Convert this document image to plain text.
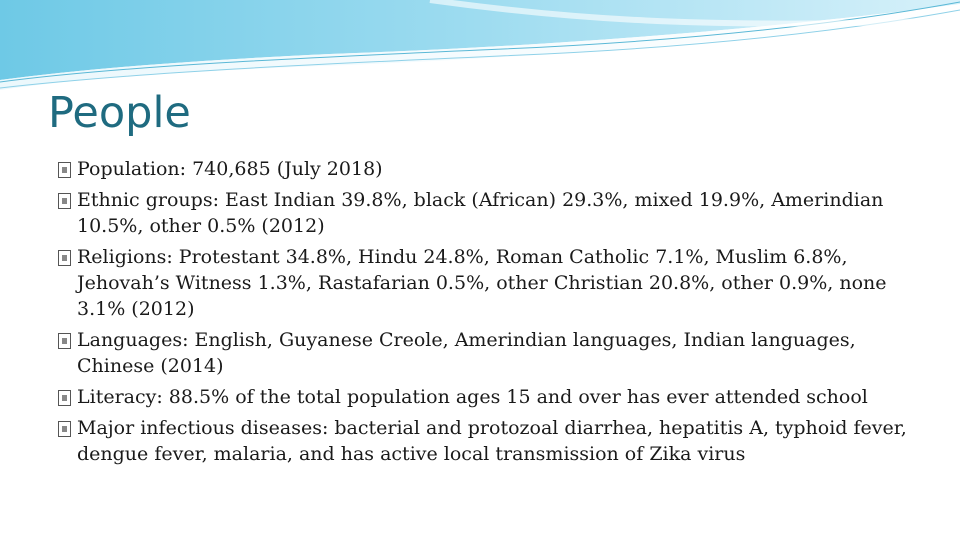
People
Population: 740,685 (July 2018)
Ethnic groups: East Indian 39.8%, black (African) 29.3%, mixed 19.9%, Amerindian 10.5%, other 0.5% (2012)
Religions: Protestant 34.8%, Hindu 24.8%, Roman Catholic 7.1%, Muslim 6.8%, Jehovah’s Witness 1.3%, Rastafarian 0.5%, other Christian 20.8%, other 0.9%, none 3.1% (2012)
Languages: English, Guyanese Creole, Amerindian languages, Indian languages, Chinese (2014)
Literacy: 88.5% of the total population ages 15 and over has ever attended school
Major infectious diseases: bacterial and protozoal diarrhea, hepatitis A, typhoid fever, dengue fever, malaria, and has active local transmission of Zika virus
